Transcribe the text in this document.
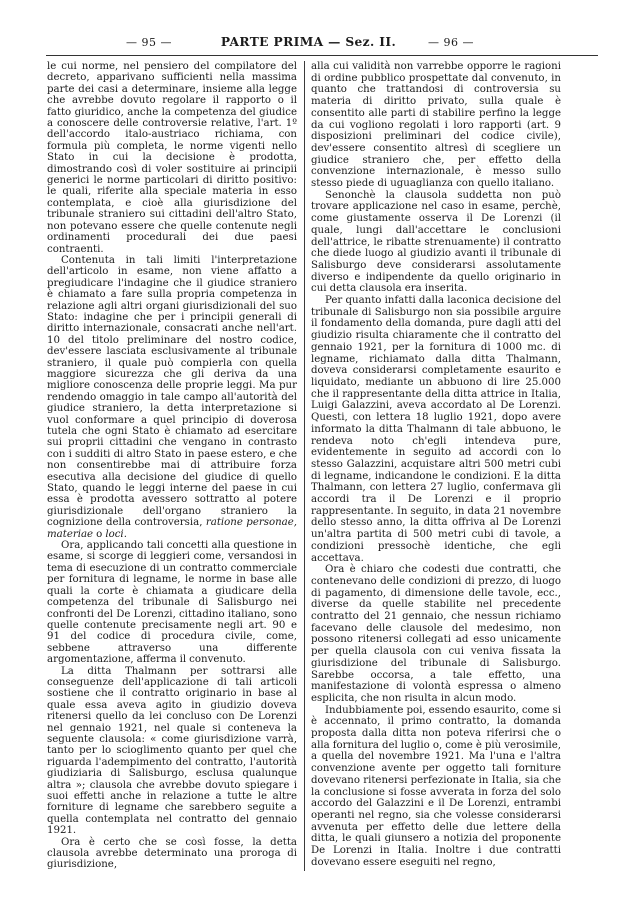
— 95 —	PARTE PRIMA — Sez. II.	— 96 —

le cui norme, nel pensiero del compilatore del decreto, apparivano sufficienti nella massima parte dei casi a determinare, insieme alla legge che avrebbe dovuto regolare il rapporto o il fatto giuridico, anche la competenza del giudice a conoscere delle controversie relative, l'art. 1º dell'accordo italo-austriaco richiama, con formula più completa, le norme vigenti nello Stato in cui la decisione è prodotta, dimostrando così di voler sostituire ai principii generici le norme particolari di diritto positivo: le quali, riferite alla speciale materia in esso contemplata, e cioè alla giurisdizione del tribunale straniero sui cittadini dell'altro Stato, non potevano essere che quelle contenute negli ordinamenti procedurali dei due paesi contraenti.

Contenuta in tali limiti l'interpretazione dell'articolo in esame, non viene affatto a pregiudicare l'indagine che il giudice straniero è chiamato a fare sulla propria competenza in relazione agli altri organi giurisdizionali del suo Stato: indagine che per i principii generali di diritto internazionale, consacrati anche nell'art. 10 del titolo preliminare del nostro codice, dev'essere lasciata esclusivamente al tribunale straniero, il quale può compierla con quella maggiore sicurezza che gli deriva da una migliore conoscenza delle proprie leggi. Ma pur rendendo omaggio in tale campo all'autorità del giudice straniero, la detta interpretazione si vuol conformare a quel principio di doverosa tutela che ogni Stato è chiamato ad esercitare sui proprii cittadini che vengano in contrasto con i sudditi di altro Stato in paese estero, e che non consentirebbe mai di attribuire forza esecutiva alla decisione del giudice di quello Stato, quando le leggi interne del paese in cui essa è prodotta avessero sottratto al potere giurisdizionale dell'organo straniero la cognizione della controversia, ratione personae, materiae o loci.

Ora, applicando tali concetti alla questione in esame, si scorge di leggieri come, versandosi in tema di esecuzione di un contratto commerciale per fornitura di legname, le norme in base alle quali la corte è chiamata a giudicare della competenza del tribunale di Salisburgo nei confronti del De Lorenzi, cittadino italiano, sono quelle contenute precisamente negli art. 90 e 91 del codice di procedura civile, come, sebbene attraverso una differente argomentazione, afferma il convenuto.

La ditta Thalmann per sottrarsi alle conseguenze dell'applicazione di tali articoli sostiene che il contratto originario in base al quale essa aveva agito in giudizio doveva ritenersi quello da lei concluso con De Lorenzi nel gennaio 1921, nel quale si conteneva la seguente clausola: « come giurisdizione varrà, tanto per lo scioglimento quanto per quel che riguarda l'adempimento del contratto, l'autorità giudiziaria di Salisburgo, esclusa qualunque altra »; clausola che avrebbe dovuto spiegare i suoi effetti anche in relazione a tutte le altre forniture di legname che sarebbero seguite a quella contemplata nel contratto del gennaio 1921.

Ora è certo che se così fosse, la detta clausola avrebbe determinato una proroga di giurisdizione,

alla cui validità non varrebbe opporre le ragioni di ordine pubblico prospettate dal convenuto, in quanto che trattandosi di controversia su materia di diritto privato, sulla quale è consentito alle parti di stabilire perfino la legge da cui vogliono regolati i loro rapporti (art. 9 disposizioni preliminari del codice civile), dev'essere consentito altresì di scegliere un giudice straniero che, per effetto della convenzione internazionale, è messo sullo stesso piede di uguaglianza con quello italiano.

Senonchè la clausola suddetta non può trovare applicazione nel caso in esame, perchè, come giustamente osserva il De Lorenzi (il quale, lungi dall'accettare le conclusioni dell'attrice, le ribatte strenuamente) il contratto che diede luogo al giudizio avanti il tribunale di Salisburgo deve considerarsi assolutamente diverso e indipendente da quello originario in cui detta clausola era inserita.

Per quanto infatti dalla laconica decisione del tribunale di Salisburgo non sia possibile arguire il fondamento della domanda, pure dagli atti del giudizio risulta chiaramente che il contratto del gennaio 1921, per la fornitura di 1000 mc. di legname, richiamato dalla ditta Thalmann, doveva considerarsi completamente esaurito e liquidato, mediante un abbuono di lire 25.000 che il rappresentante della ditta attrice in Italia, Luigi Galazzini, aveva accordato al De Lorenzi. Questi, con lettera 18 luglio 1921, dopo avere informato la ditta Thalmann di tale abbuono, le rendeva noto ch'egli intendeva pure, evidentemente in seguito ad accordi con lo stesso Galazzini, acquistare altri 500 metri cubi di legname, indicandone le condizioni. E la ditta Thalmann, con lettera 27 luglio, confermava gli accordi tra il De Lorenzi e il proprio rappresentante. In seguito, in data 21 novembre dello stesso anno, la ditta offriva al De Lorenzi un'altra partita di 500 metri cubi di tavole, a condizioni pressochè identiche, che egli accettava.

Ora è chiaro che codesti due contratti, che contenevano delle condizioni di prezzo, di luogo di pagamento, di dimensione delle tavole, ecc., diverse da quelle stabilite nel precedente contratto del 21 gennaio, che nessun richiamo facevano delle clausole del medesimo, non possono ritenersi collegati ad esso unicamente per quella clausola con cui veniva fissata la giurisdizione del tribunale di Salisburgo. Sarebbe occorsa, a tale effetto, una manifestazione di volontà espressa o almeno esplicita, che non risulta in alcun modo.

Indubbiamente poi, essendo esaurito, come si è accennato, il primo contratto, la domanda proposta dalla ditta non poteva riferirsi che o alla fornitura del luglio o, come è più verosimile, a quella del novembre 1921. Ma l'una e l'altra convenzione avente per oggetto tali forniture dovevano ritenersi perfezionate in Italia, sia che la conclusione si fosse avverata in forza del solo accordo del Galazzini e il De Lorenzi, entrambi operanti nel regno, sia che volesse considerarsi avvenuta per effetto delle due lettere della ditta, le quali giunsero a notizia del proponente De Lorenzi in Italia. Inoltre i due contratti dovevano essere eseguiti nel regno,
